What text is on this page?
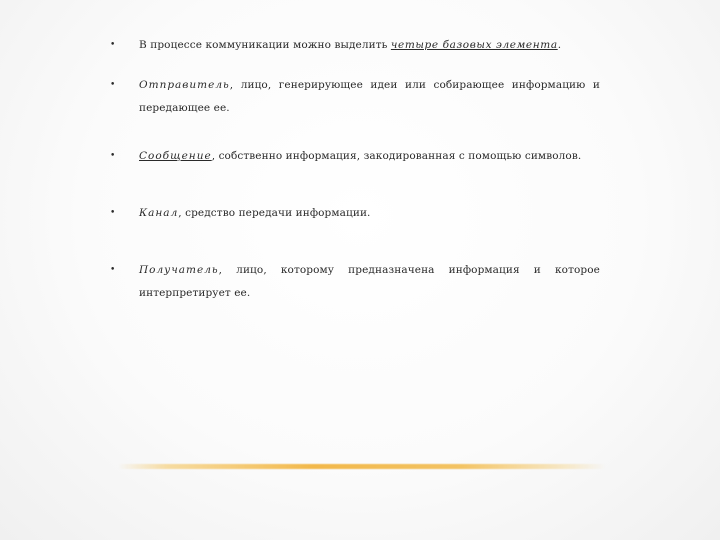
•	В процессе коммуникации можно выделить четыре базовых элемента.
•	Отправитель, лицо, генерирующее идеи или собирающее информацию и передающее ее.
•	Сообщение, собственно информация, закодированная с помощью символов.
•	Канал, средство передачи информации.
•	Получатель, лицо, которому предназначена информация и которое интерпретирует ее.
